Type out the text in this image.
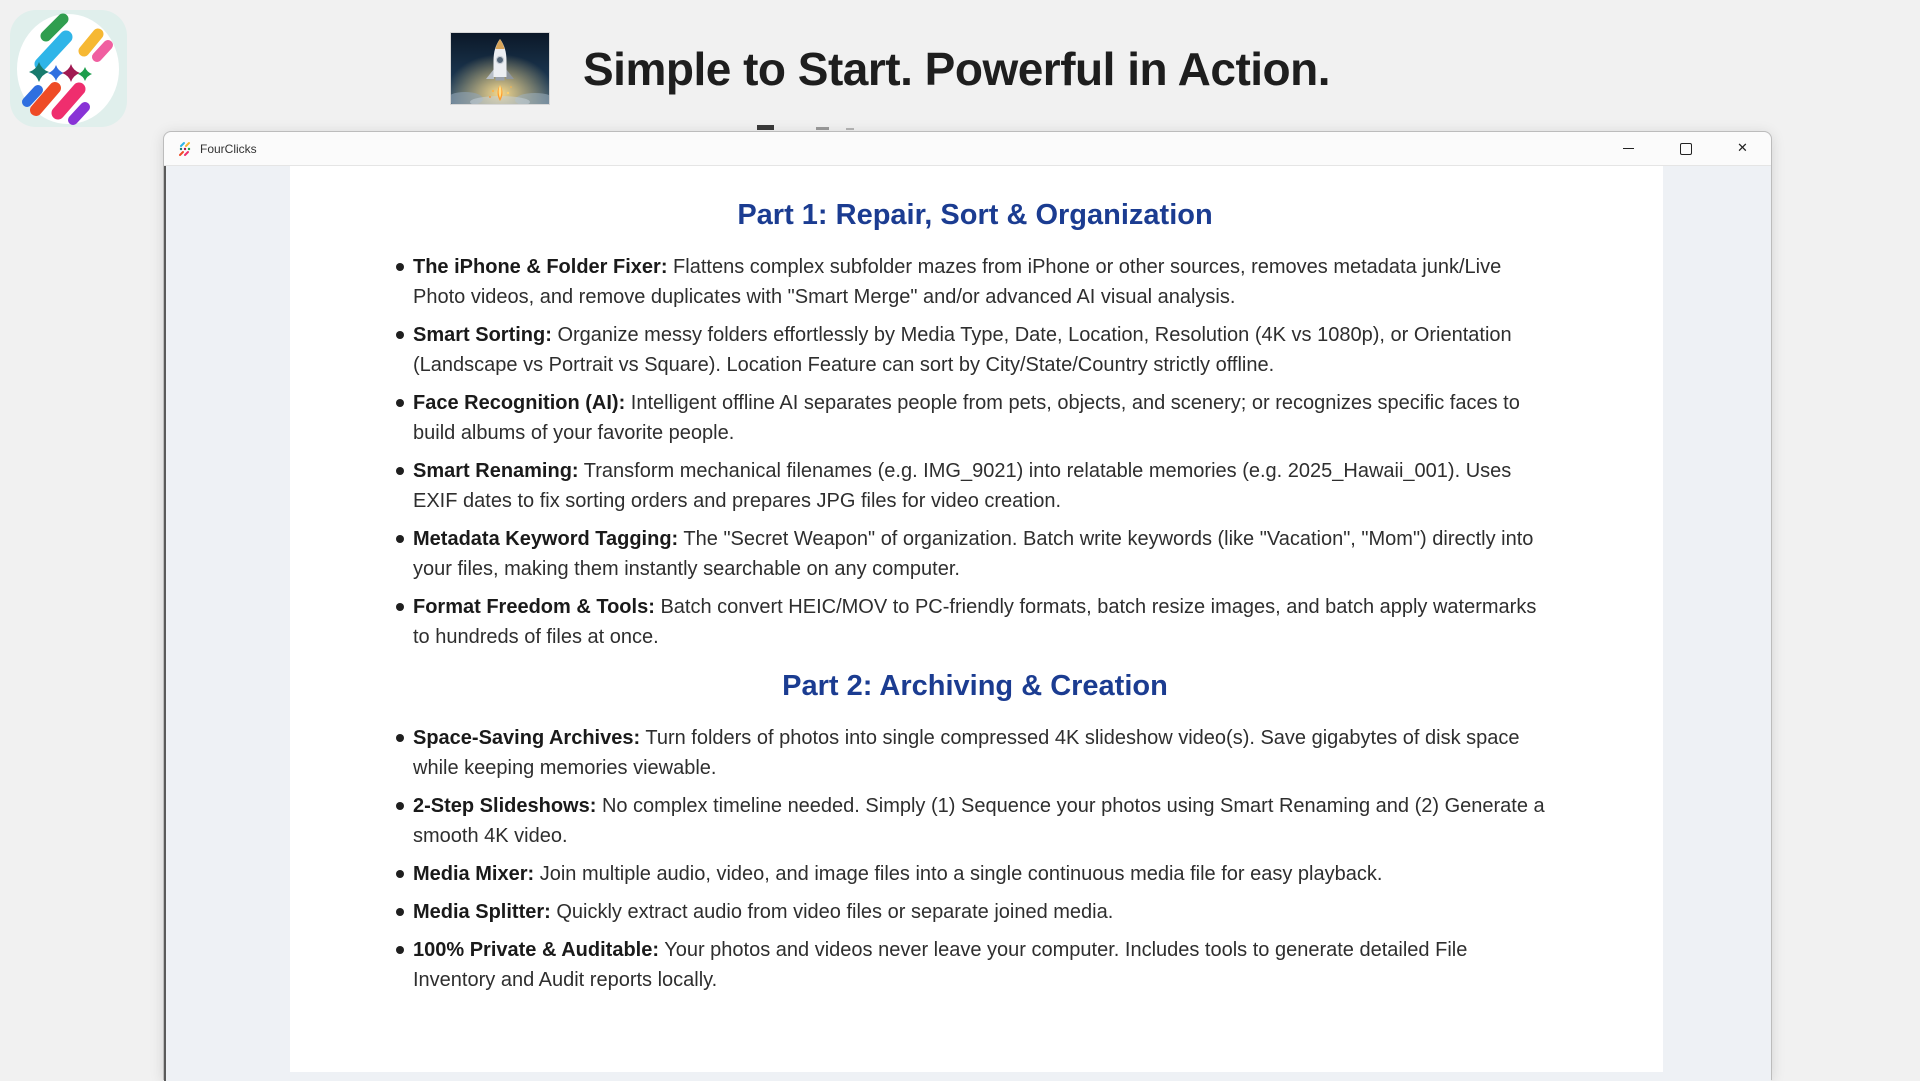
Simple to Start. Powerful in Action.
FourClicks	✕
Part 1: Repair, Sort & Organization
The iPhone & Folder Fixer: Flattens complex subfolder mazes from iPhone or other sources, removes metadata junk/Live Photo videos, and remove duplicates with "Smart Merge" and/or advanced AI visual analysis.
Smart Sorting: Organize messy folders effortlessly by Media Type, Date, Location, Resolution (4K vs 1080p), or Orientation (Landscape vs Portrait vs Square). Location Feature can sort by City/State/Country strictly offline.
Face Recognition (AI): Intelligent offline AI separates people from pets, objects, and scenery; or recognizes specific faces to build albums of your favorite people.
Smart Renaming: Transform mechanical filenames (e.g. IMG_9021) into relatable memories (e.g. 2025_Hawaii_001). Uses EXIF dates to fix sorting orders and prepares JPG files for video creation.
Metadata Keyword Tagging: The "Secret Weapon" of organization. Batch write keywords (like "Vacation", "Mom") directly into your files, making them instantly searchable on any computer.
Format Freedom & Tools: Batch convert HEIC/MOV to PC-friendly formats, batch resize images, and batch apply watermarks to hundreds of files at once.
Part 2: Archiving & Creation
Space-Saving Archives: Turn folders of photos into single compressed 4K slideshow video(s). Save gigabytes of disk space while keeping memories viewable.
2-Step Slideshows: No complex timeline needed. Simply (1) Sequence your photos using Smart Renaming and (2) Generate a smooth 4K video.
Media Mixer: Join multiple audio, video, and image files into a single continuous media file for easy playback.
Media Splitter: Quickly extract audio from video files or separate joined media.
100% Private & Auditable: Your photos and videos never leave your computer. Includes tools to generate detailed File Inventory and Audit reports locally.
